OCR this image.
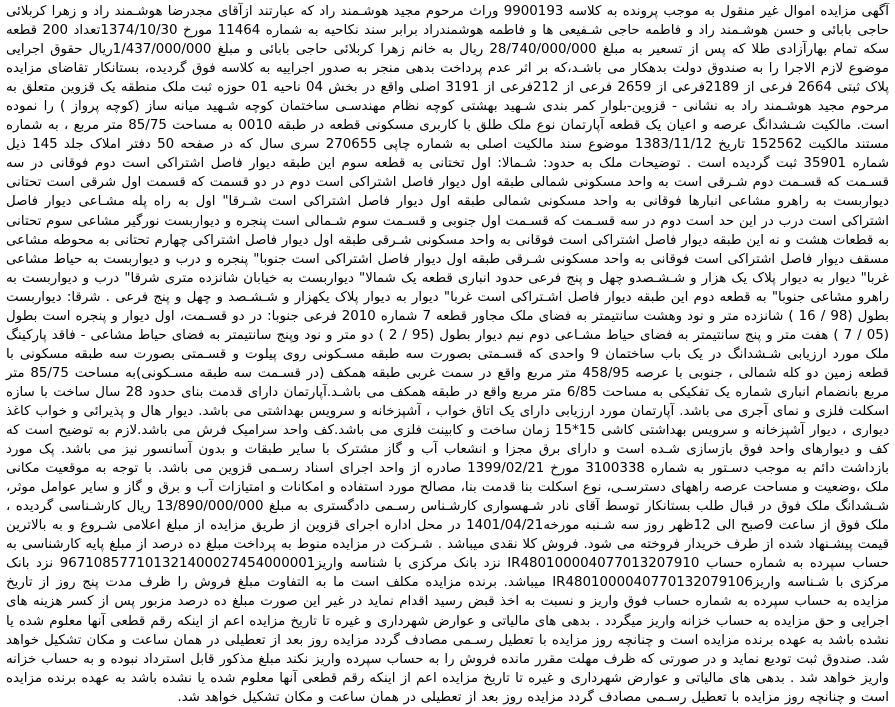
آگهی مزایده اموال غیر منقول به موجب پرونده به کلاسه 9900193 وراث مرحوم مجید هوشـمند راد که عبارتند ازآقای مجدرضا هوشـمند راد و زهرا کربلائی حاجی بابائی و حسن هوشـمند راد و فاطمه حاجی شـفیعی ها و فاطمه هوشمندراد برابر سند نکاحیه به شماره 11464 مورخ 1374/10/30تعداد 200 قطعه سکه تمام بهارآزادی طلا که پس از تسعیر به مبلغ 28/740/000/000 ریال به خانم زهرا کربلائی حاجی بابائی و مبلغ 1/437/000/000ریال حقوق اجرایی موضوع لازم الاجرا را به صندوق دولت بدهکار می باشـد،که بر اثر عدم پرداخت بدهی منجر به صدور اجراییه به کلاسه فوق گردیده، بستانکار تقاضای مزایده پلاک ثبتی 2664 فرعی از 2189فرعی از 2659 فرعی از 212فرعی از 3191 اصلی واقع در بخش 04 ناحیه 01 حوزه ثبت ملک منطقه یک قزوین متعلق به مرحوم مجید هوشـمند راد به نشانی - قزوین-بلوار کمر بندی شـهید بهشتی کوچه نظام مهندسـی ساختمان کوچه شـهید میانه ساز (کوچه پرواز ) را نموده است. مالکیت شـشدانگ عرصه و اعیان یک قطعه آپارتمان نوع ملک طلق با کاربری مسکونی قطعه در طبقه 0010 به مساحت 85/75 متر مربع ، به شماره مستند مالکیت 152562 تاریخ 1383/11/12 موضوع سند مالکیت اصلی به شماره چاپی 270655 سری سال که در صفحه 50 دفتر املاک جلد 145 ذیل شماره 35901 ثبت گردیده است . توضیحات ملک به حدود: شـمالا: اول تختانی به قطعه سوم این طبقه دیوار فاصل اشتراکی است دوم فوقانی در سه قسـمت که قسـمت دوم شـرقی است به واحد مسکونی شمالی طبقه اول دیوار فاصل اشتراکی است دوم در دو قسمت که قسمت اول شرقی است تحتانی دیواربست به راهرو مشاعی انبارها فوقانی به واحد مسکونی شمالی طبقه اول دیوار فاصل اشتراکی است شـرقا" اول به راه پله مشـاعی دیوار فاصل اشتراکی است درب در این حد است دوم در سه قسـمت که قسـمت اول جنوبی و قسـمت سوم شـمالی است پنجره و دیواربست نورگیر مشاعی سوم تحتانی به قطعات هشت و نه این طبقه دیوار فاصل اشتراکی است فوقانی به واحد مسکونی شـرقی طبقه اول دیوار فاصل اشتراکی چهارم تحتانی به محوطه مشاعی مسقف دیوار فاصل اشتراکی است فوقانی به واحد مسکونی شـرقی طبقه اول دیوار فاصل اشتراکی است جنوبا" پنجره و درب و دیواربست به حیاط مشاعی غربا" دیوار به دیوار پلاک یک هزار و شـشـصدو چهل و پنج فرعی حدود انباری قطعه یک شمالا" دیواربست به خیابان شانزده متری شرقا" درب و دیواربست به راهرو مشاعی جنوبا" به قطعه دوم این طبقه دیوار فاصل اشـتراکی است غربا" دیوار به دیوار پلاک یکهزار و شـشـصد و چهل و پنج فرعی . شرقا: دیواربست بطول (98 / 16 ) شانزده متر و نود وهشت سانتیمتر به فضای ملک مجاور قطعه 7 شماره 2010 فرعی جنوبا: در دو قسـمت، اول دیوار و پنجره است بطول (05 / 7 ) هفت متر و پنج سانتیمتر به فضای حیاط مشـاعی دوم نیم دیوار بطول (95 / 2 ) دو متر و نود وپنج سانتیمتر به فضای حیاط مشاعی - فاقد پارکینگ ملک مورد ارزیابی شـشدانگ در یک باب ساختمان 9 واحدی که قسـمتی بصورت سه طبقه مسـکونی روی پیلوت و قسـمتی بصورت سه طبقه مسکونی با قطعه زمین دو کله شمالی ، جنوبی با عرصه 458/95 متر مربع واقع در سمت غربی طبقه همکف (در قسـمت سه طبقه مسـکونی)به مساحت 85/75 متر مربع بانضمام انباری شماره یک تفکیکی به مساحت 6/85 متر مربع واقع در طبقه همکف می باشـد.آپارتمان دارای قدمت بنای حدود 28 سال ساخت با سازه اسکلت فلزی و نمای آجری می باشد. آپارتمان مورد ارزیابی دارای یک اتاق خواب ، آشپزخانه و سرویس بهداشتی می باشد. دیوار هال و پذیرائی و خواب کاغذ دیواری ، دیوار آشپزخانه و سرویس بهداشتی کاشی 15*15 زمان ساخت و کابینت فلزی می باشد.کف واحد سرامیک فرش می باشد.لازم به توضیح است که کف و دیوارهای واحد فوق بازسازی شـده است و دارای برق مجزا و انشعاب آب و گاز مشترک با سایر طبقات و بدون آسانسور نیز می باشد. پک مورد بازداشت دائم به موجب دسـتور به شماره 3100338 مورخ 1399/02/21 صادره از واحد اجرای اسناد رسـمی قزوین می باشد. با توجه به موقعیت مکانی ملک ،وضعیت و مساحت عرصه راههای دسترسـی، نوع اسکلت بنا قدمت بنا، مصالح مورد استفاده و امکانات و امتیازات آب و برق و گاز و سایر عوامل موثر، شـشدانگ ملک فوق در قبال طلب بستانکار توسط آقای نادر شـهسواری کارشـناس رسـمی دادگستری به مبلغ 13/890/000/000 ریال کارشـناسی گردیده ، ملک فوق از ساعت 9صبح الی 12ظهر روز سه شـنبه مورخه1401/04/21 در محل اداره اجرای قزوین از طریق مزایده از مبلغ اعلامی شـروع و به بالاترین قیمت پیشـنهاد شده از طرف خریدار فروخته می شود. فروش کلا نقدی میباشد . شـرکت در مزایده منوط به پرداخت مبلغ ده درصد از مبلغ پایه کارشناسی به حساب سپرده به شماره حساب IR480100004077013207910 نزد بانک مرکزی با شناسه واریز967108577101321400027454000001 نزد بانک مرکزی با شـناسه واریزIR4801000040770132079106 میباشد. برنده مزایده مکلف است ما به التفاوت مبلغ فروش را ظرف مدت پنج روز از تاریخ مزایده به حساب سپرده به شماره حساب فوق واریز و نسبت به اخذ قبض رسید اقدام نماید در غیر این صورت مبلغ ده درصد مزبور پس از کسر هزینه های اجرایی و حق مزایده به حساب خزانه واریز میگردد . بدهی های مالیاتی و عوارض شهرداری و غیره تا تاریخ مزایده اعم از اینکه رقم قطعی آنها معلوم شده یا نشده باشد به عهده برنده مزایده است و چنانچه روز مزایده با تعطیل رسـمی مصادف گردد مزایده روز بعد از تعطیلی در همان ساعت و مکان تشکیل خواهد شد. صندوق ثبت تودیع نماید و در صورتی که ظرف مهلت مقرر مانده فروش را به حساب سپرده واریز نکند مبلغ مذکور قابل استرداد نبوده و به حساب خزانه واریز خواهد شد . بدهی های مالیاتی و عوارض شهرداری و غیره تا تاریخ مزایده اعم از اینکه رقم قطعی آنها معلوم شده یا نشده باشد به عهده برنده مزایده است و چنانچه روز مزایده با تعطیل رسـمی مصادف گردد مزایده روز بعد از تعطیلی در همان ساعت و مکان تشکیل خواهد شد.
